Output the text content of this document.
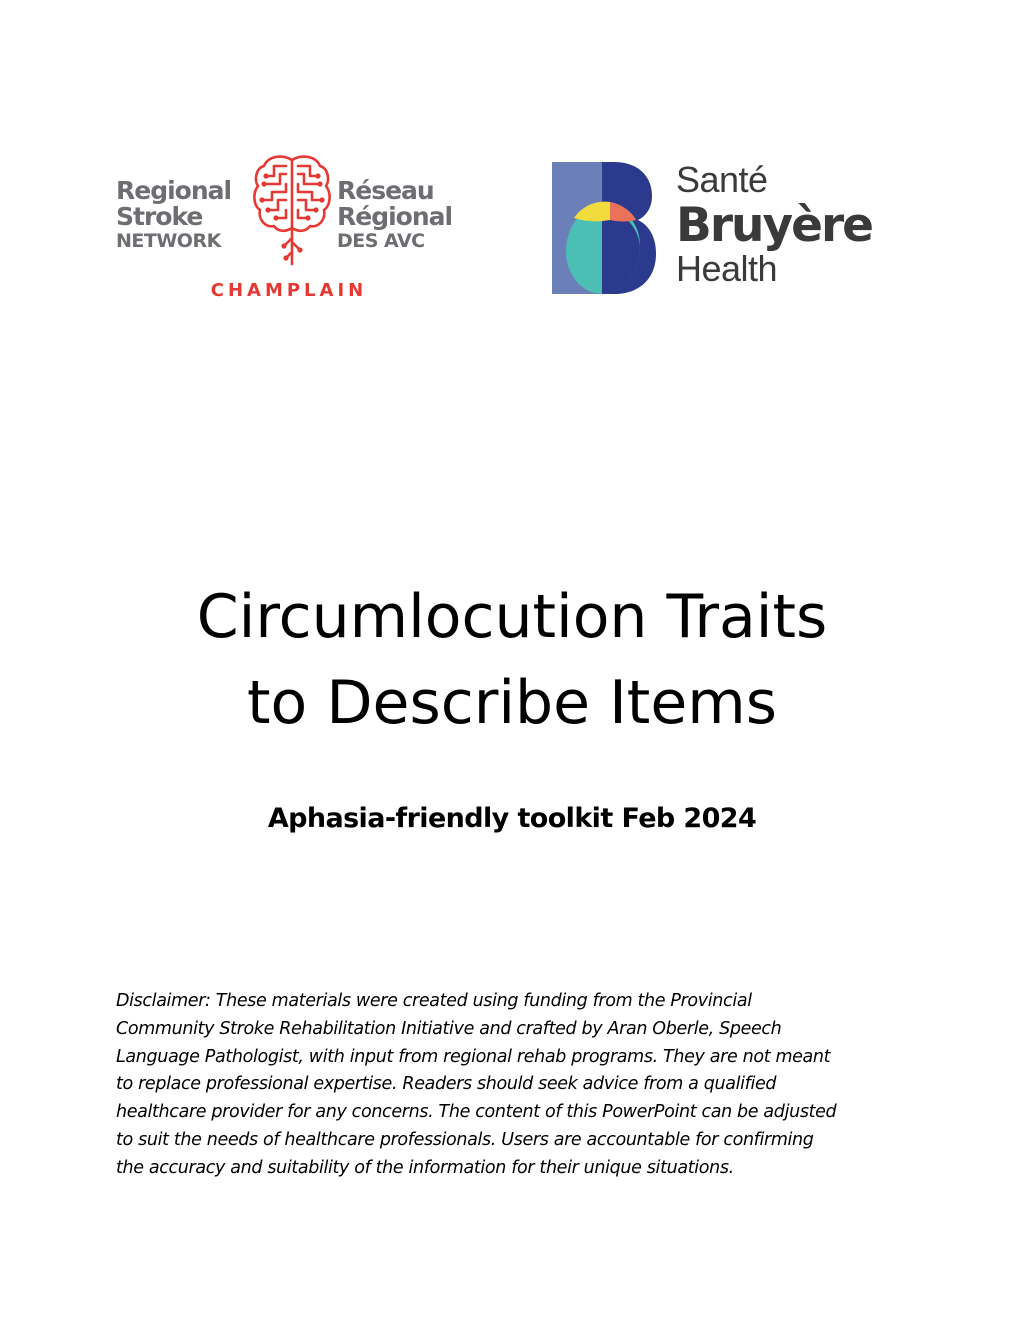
Regional
Stroke
NETWORK
Réseau
Régional
DES AVC
CHAMPLAIN
Santé
Bruyère
Health
Circumlocution Traits
to Describe Items
Aphasia-friendly toolkit Feb 2024
Disclaimer: These materials were created using funding from the Provincial
Community Stroke Rehabilitation Initiative and crafted by Aran Oberle, Speech
Language Pathologist, with input from regional rehab programs. They are not meant
to replace professional expertise. Readers should seek advice from a qualified
healthcare provider for any concerns. The content of this PowerPoint can be adjusted
to suit the needs of healthcare professionals. Users are accountable for confirming
the accuracy and suitability of the information for their unique situations.
